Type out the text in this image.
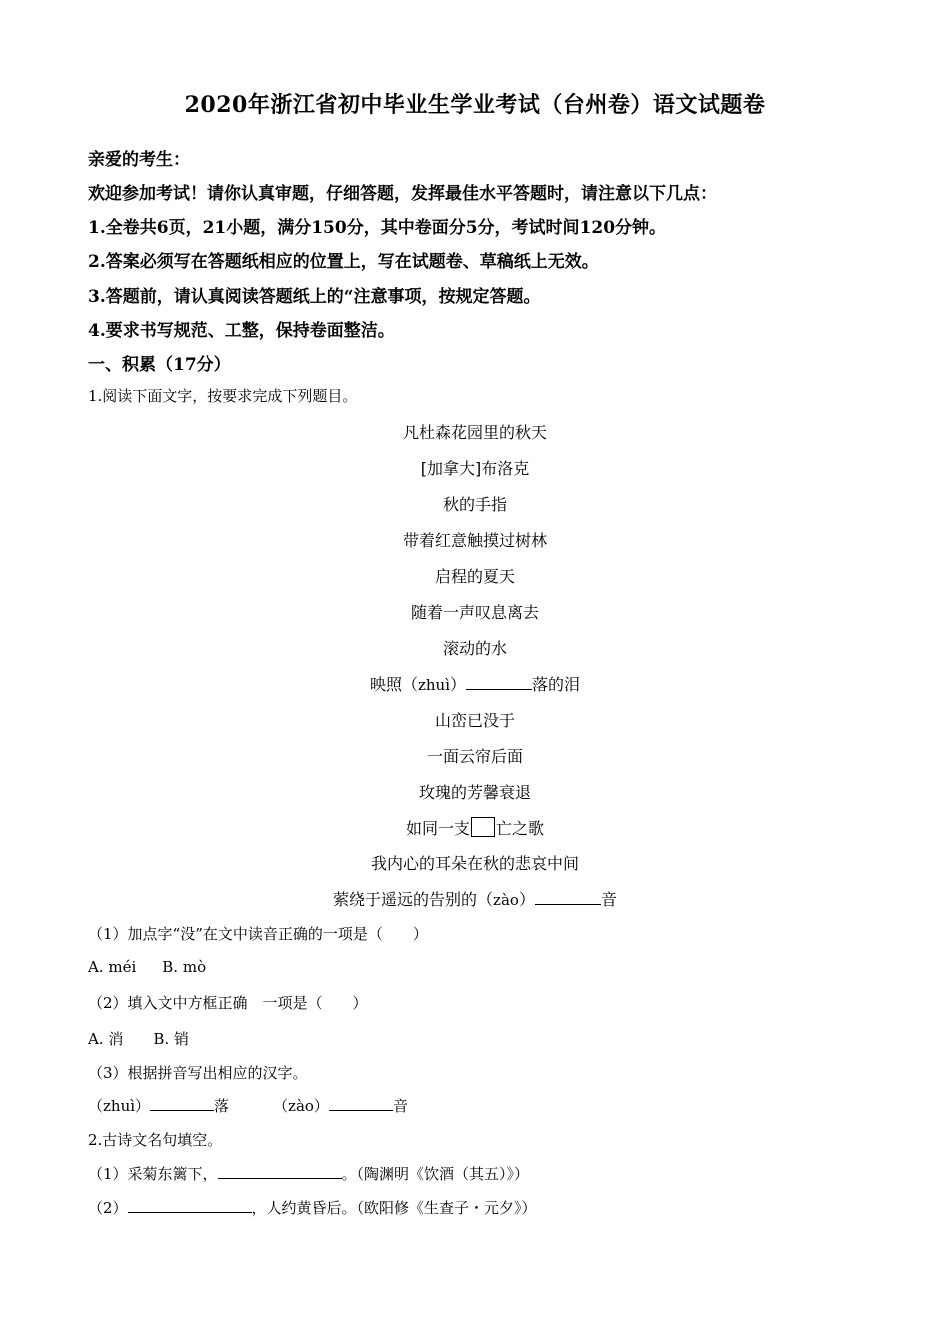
2020年浙江省初中毕业生学业考试（台州卷）语文试题卷
亲爱的考生：
欢迎参加考试！请你认真审题，仔细答题，发挥最佳水平答题时，请注意以下几点：
1.全卷共6页，21小题，满分150分，其中卷面分5分，考试时间120分钟。
2.答案必须写在答题纸相应的位置上，写在试题卷、草稿纸上无效。
3.答题前，请认真阅读答题纸上的“注意事项，按规定答题。
4.要求书写规范、工整，保持卷面整洁。
一、积累（17分）
1.阅读下面文字，按要求完成下列题目。
凡杜森花园里的秋天
[加拿大]布洛克
秋的手指
带着红意触摸过树林
启程的夏天
随着一声叹息离去
滚动的水
映照（zhuì）	落的泪
山峦已没于
一面云帘后面
玫瑰的芳馨衰退
如同一支 亡之歌
我内心的耳朵在秋的悲哀中间
萦绕于遥远的告别的（zào）	音
（1）加点字“没”在文中读音正确的一项是（　　）
A. méi B. mò
（2）填入文中方框正确　一项是（　　）
A. 消 B. 销
（3）根据拼音写出相应的汉字。
（zhuì）	落	（zào）	音
2.古诗文名句填空。
（1）采菊东篱下，	。（陶渊明《饮酒（其五）》）
（2）	，人约黄昏后。（欧阳修《生查子・元夕》）
